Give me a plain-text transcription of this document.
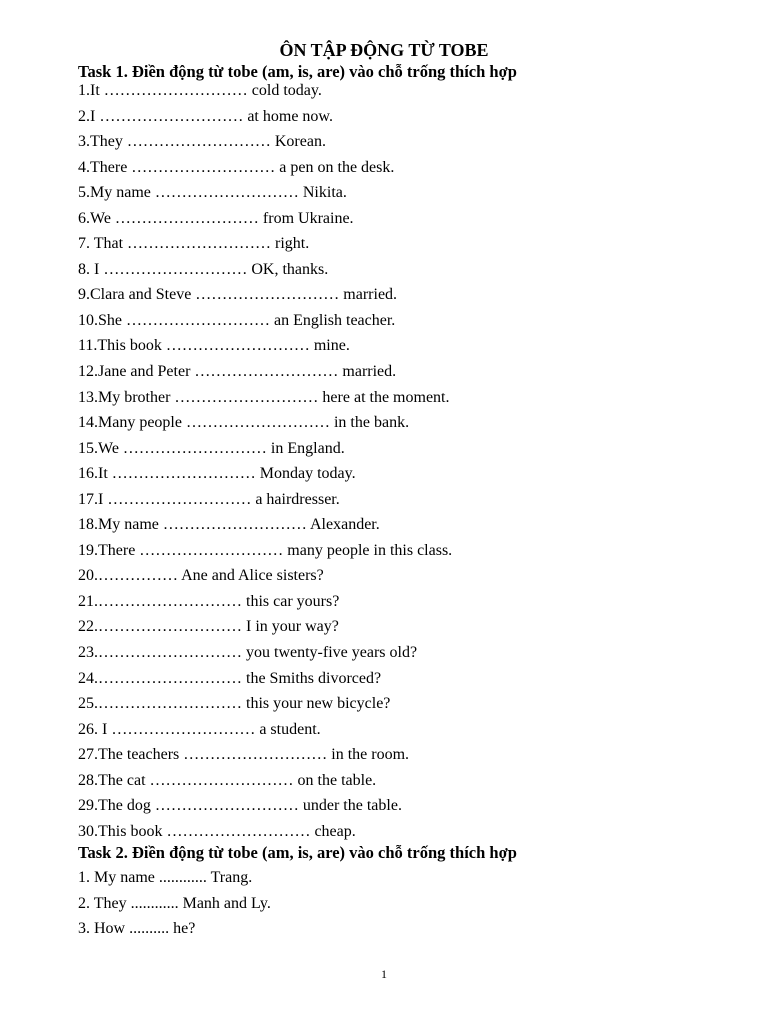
ÔN TẬP ĐỘNG TỪ TOBE
Task 1. Điền động từ tobe (am, is, are) vào chỗ trống thích hợp
1.It ……………………… cold today.
2.I ……………………… at home now.
3.They ……………………… Korean.
4.There ……………………… a pen on the desk.
5.My name ……………………… Nikita.
6.We ……………………… from Ukraine.
7. That ……………………… right.
8. I ……………………… OK, thanks.
9.Clara and Steve ……………………… married.
10.She ……………………… an English teacher.
11.This book ……………………… mine.
12.Jane and Peter ……………………… married.
13.My brother ……………………… here at the moment.
14.Many people ……………………… in the bank.
15.We ……………………… in England.
16.It ……………………… Monday today.
17.I ……………………… a hairdresser.
18.My name ……………………… Alexander.
19.There ……………………… many people in this class.
20.…………… Ane and Alice sisters?
21.……………………… this car yours?
22.……………………… I in your way?
23.……………………… you twenty-five years old?
24.……………………… the Smiths divorced?
25.……………………… this your new bicycle?
26. I ……………………… a student.
27.The teachers ……………………… in the room.
28.The cat ……………………… on the table.
29.The dog ……………………… under the table.
30.This book ……………………… cheap.
Task 2. Điền động từ tobe (am, is, are) vào chỗ trống thích hợp
1. My name ............ Trang.
2. They ............ Manh and Ly.
3. How .......... he?
1
